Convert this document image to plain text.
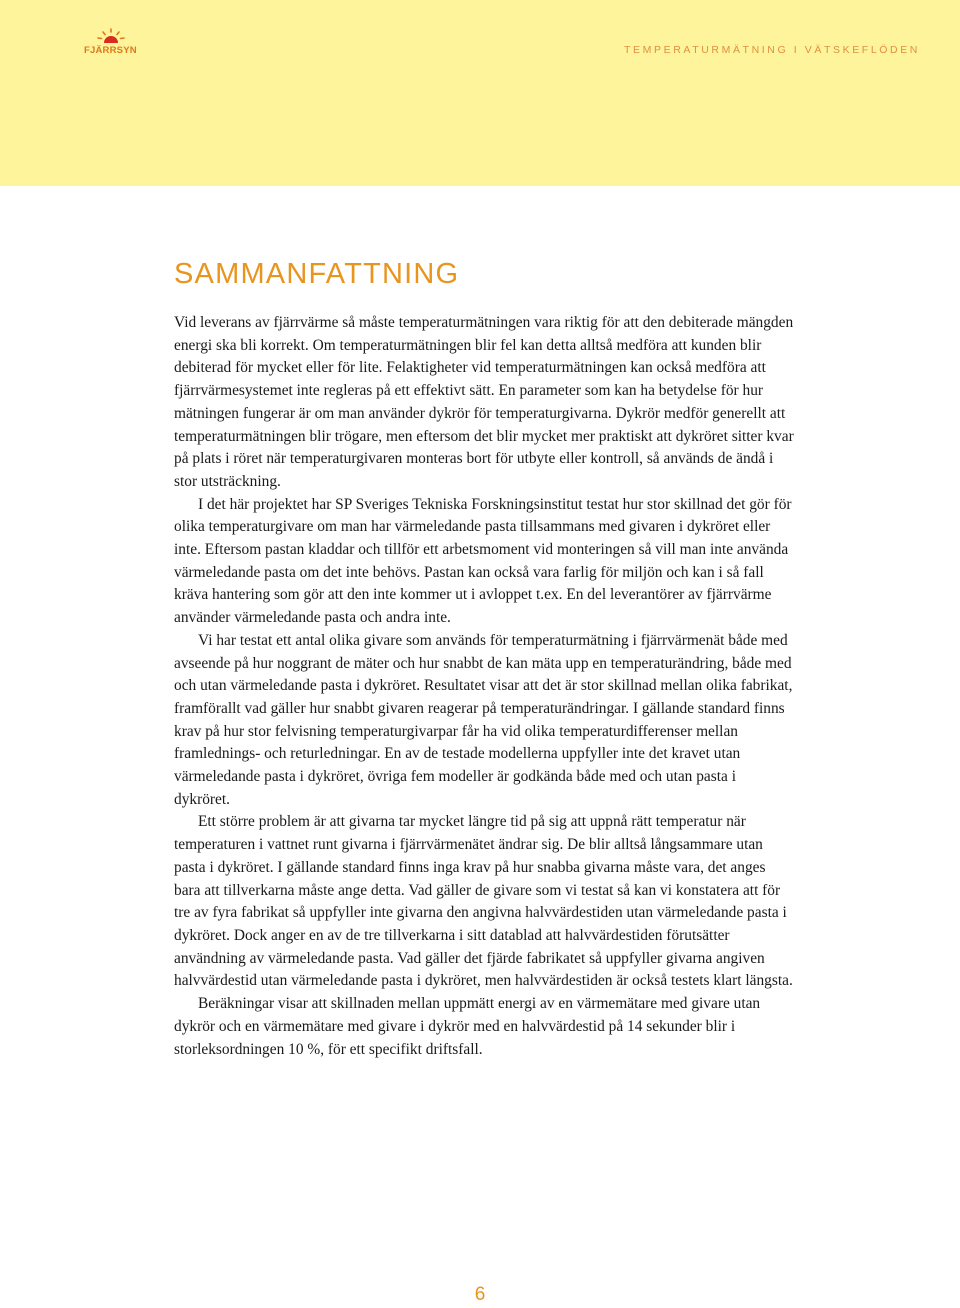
FJÄRRSYN	TEMPERATURMÄTNING I VÄTSKEFLÖDEN
SAMMANFATTNING

Vid leverans av fjärrvärme så måste temperaturmätningen vara riktig för att den debiterade mängden energi ska bli korrekt. Om temperaturmätningen blir fel kan detta alltså medföra att kunden blir debiterad för mycket eller för lite. Felaktigheter vid temperaturmätningen kan också medföra att fjärrvärmesystemet inte regleras på ett effektivt sätt. En parameter som kan ha betydelse för hur mätningen fungerar är om man använder dykrör för temperaturgivarna. Dykrör medför generellt att temperaturmätningen blir trögare, men eftersom det blir mycket mer praktiskt att dykröret sitter kvar på plats i röret när temperaturgivaren monteras bort för utbyte eller kontroll, så används de ändå i stor utsträckning.

I det här projektet har SP Sveriges Tekniska Forskningsinstitut testat hur stor skillnad det gör för olika temperaturgivare om man har värmeledande pasta tillsammans med givaren i dykröret eller inte. Eftersom pastan kladdar och tillför ett arbetsmoment vid monteringen så vill man inte använda värmeledande pasta om det inte behövs. Pastan kan också vara farlig för miljön och kan i så fall kräva hantering som gör att den inte kommer ut i avloppet t.ex. En del leverantörer av fjärrvärme använder värmeledande pasta och andra inte.

Vi har testat ett antal olika givare som används för temperaturmätning i fjärrvärmenät både med avseende på hur noggrant de mäter och hur snabbt de kan mäta upp en temperaturändring, både med och utan värmeledande pasta i dykröret. Resultatet visar att det är stor skillnad mellan olika fabrikat, framförallt vad gäller hur snabbt givaren reagerar på temperaturändringar. I gällande standard finns krav på hur stor felvisning temperaturgivarpar får ha vid olika temperaturdifferenser mellan framlednings- och returledningar. En av de testade modellerna uppfyller inte det kravet utan värmeledande pasta i dykröret, övriga fem modeller är godkända både med och utan pasta i dykröret.

Ett större problem är att givarna tar mycket längre tid på sig att uppnå rätt temperatur när temperaturen i vattnet runt givarna i fjärrvärmenätet ändrar sig. De blir alltså långsammare utan pasta i dykröret. I gällande standard finns inga krav på hur snabba givarna måste vara, det anges bara att tillverkarna måste ange detta. Vad gäller de givare som vi testat så kan vi konstatera att för tre av fyra fabrikat så uppfyller inte givarna den angivna halvvärdestiden utan värmeledande pasta i dykröret. Dock anger en av de tre tillverkarna i sitt datablad att halvvärdestiden förutsätter användning av värmeledande pasta. Vad gäller det fjärde fabrikatet så uppfyller givarna angiven halvvärdestid utan värmeledande pasta i dykröret, men halvvärdestiden är också testets klart längsta.

Beräkningar visar att skillnaden mellan uppmätt energi av en värmemätare med givare utan dykrör och en värmemätare med givare i dykrör med en halvvärdestid på 14 sekunder blir i storleksordningen 10 %, för ett specifikt driftsfall.

6
